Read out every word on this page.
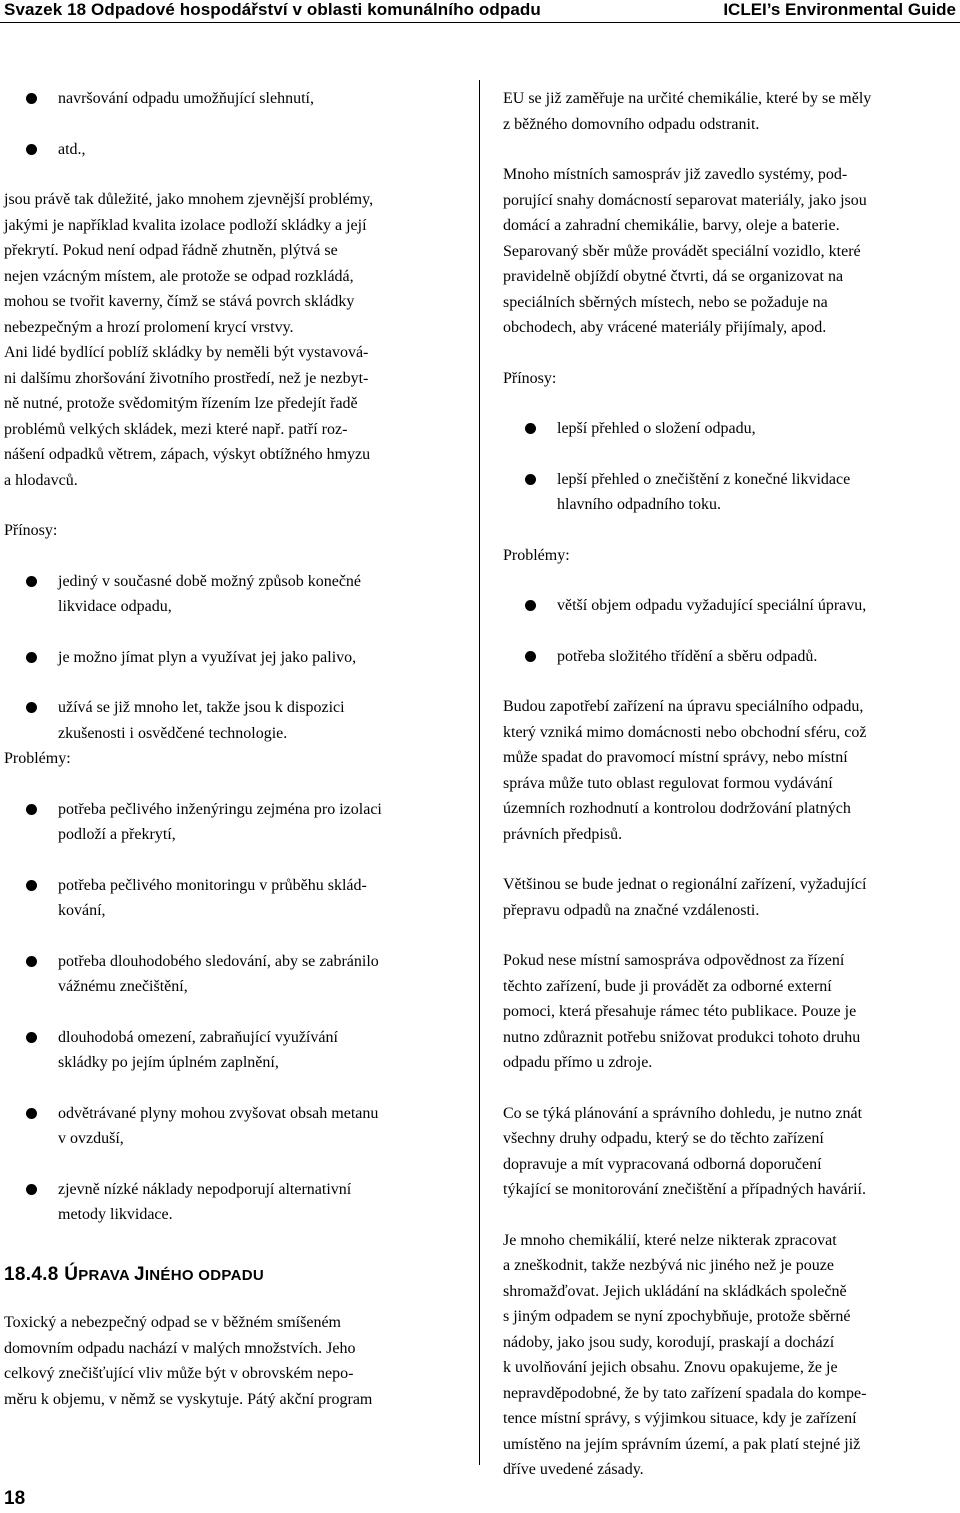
Svazek 18 Odpadové hospodářství v oblasti komunálního odpadu	ICLEI’s Environmental Guide
navršování odpadu umožňující slehnutí,
atd.,
jsou právě tak důležité, jako mnohem zjevnější problémy,
jakými je například kvalita izolace podloží skládky a její
překrytí. Pokud není odpad řádně zhutněn, plýtvá se
nejen vzácným místem, ale protože se odpad rozkládá,
mohou se tvořit kaverny, čímž se stává povrch skládky
nebezpečným a hrozí prolomení krycí vrstvy.
Ani lidé bydlící poblíž skládky by neměli být vystavová-
ni dalšímu zhoršování životního prostředí, než je nezbyt-
ně nutné, protože svědomitým řízením lze předejít řadě
problémů velkých skládek, mezi které např. patří roz-
nášení odpadků větrem, zápach, výskyt obtížného hmyzu
a hlodavců.
Přínosy:
jediný v současné době možný způsob konečné
likvidace odpadu,
je možno jímat plyn a využívat jej jako palivo,
užívá se již mnoho let, takže jsou k dispozici
zkušenosti i osvědčené technologie.
Problémy:
potřeba pečlivého inženýringu zejména pro izolaci
podloží a překrytí,
potřeba pečlivého monitoringu v průběhu sklád-
kování,
potřeba dlouhodobého sledování, aby se zabránilo
vážnému znečištění,
dlouhodobá omezení, zabraňující využívání
skládky po jejím úplném zaplnění,
odvětrávané plyny mohou zvyšovat obsah metanu
v ovzduší,
zjevně nízké náklady nepodporují alternativní
metody likvidace.
18.4.8 ÚPRAVA JINÉHO ODPADU
Toxický a nebezpečný odpad se v běžném smíšeném
domovním odpadu nachází v malých množstvích. Jeho
celkový znečišťující vliv může být v obrovském nepo-
měru k objemu, v němž se vyskytuje. Pátý akční program
EU se již zaměřuje na určité chemikálie, které by se měly
z běžného domovního odpadu odstranit.
Mnoho místních samospráv již zavedlo systémy, pod-
porující snahy domácností separovat materiály, jako jsou
domácí a zahradní chemikálie, barvy, oleje a baterie.
Separovaný sběr může provádět speciální vozidlo, které
pravidelně objíždí obytné čtvrti, dá se organizovat na
speciálních sběrných místech, nebo se požaduje na
obchodech, aby vrácené materiály přijímaly, apod.
Přínosy:
lepší přehled o složení odpadu,
lepší přehled o znečištění z konečné likvidace
hlavního odpadního toku.
Problémy:
větší objem odpadu vyžadující speciální úpravu,
potřeba složitého třídění a sběru odpadů.
Budou zapotřebí zařízení na úpravu speciálního odpadu,
který vzniká mimo domácnosti nebo obchodní sféru, což
může spadat do pravomocí místní správy, nebo místní
správa může tuto oblast regulovat formou vydávání
územních rozhodnutí a kontrolou dodržování platných
právních předpisů.
Většinou se bude jednat o regionální zařízení, vyžadující
přepravu odpadů na značné vzdálenosti.
Pokud nese místní samospráva odpovědnost za řízení
těchto zařízení, bude ji provádět za odborné externí
pomoci, která přesahuje rámec této publikace. Pouze je
nutno zdůraznit potřebu snižovat produkci tohoto druhu
odpadu přímo u zdroje.
Co se týká plánování a správního dohledu, je nutno znát
všechny druhy odpadu, který se do těchto zařízení
dopravuje a mít vypracovaná odborná doporučení
týkající se monitorování znečištění a případných havárií.
Je mnoho chemikálií, které nelze nikterak zpracovat
a zneškodnit, takže nezbývá nic jiného než je pouze
shromažďovat. Jejich ukládání na skládkách společně
s jiným odpadem se nyní zpochybňuje, protože sběrné
nádoby, jako jsou sudy, korodují, praskají a dochází
k uvolňování jejich obsahu. Znovu opakujeme, že je
nepravděpodobné, že by tato zařízení spadala do kompe-
tence místní správy, s výjimkou situace, kdy je zařízení
umístěno na jejím správním území, a pak platí stejné již
dříve uvedené zásady.
18
